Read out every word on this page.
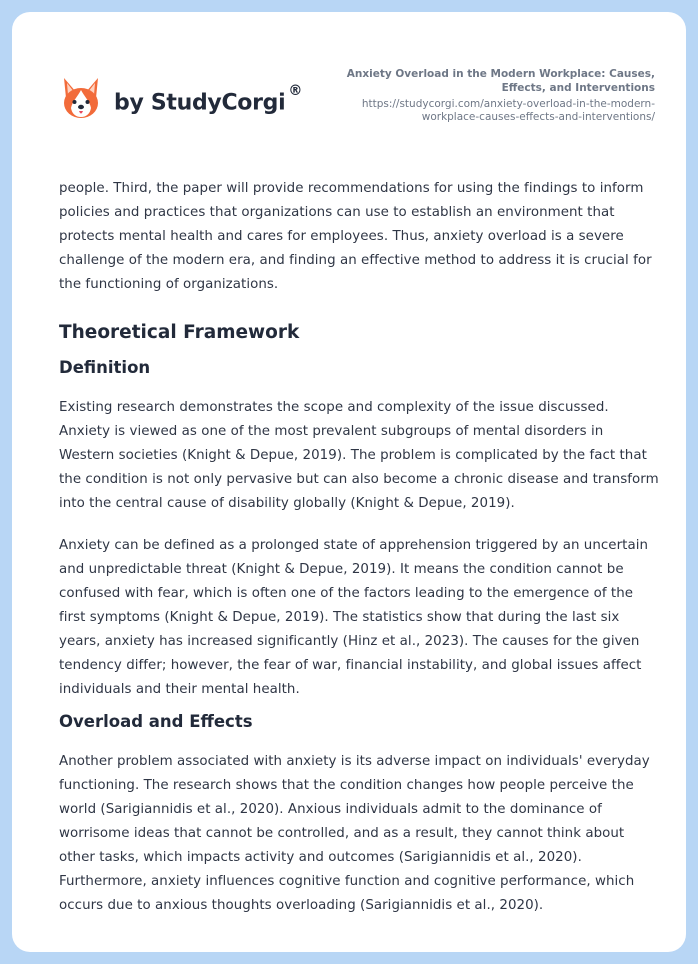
by StudyCorgi ®
Anxiety Overload in the Modern Workplace: Causes, Effects, and Interventions
https://studycorgi.com/anxiety-overload-in-the-modern-workplace-causes-effects-and-interventions/

people. Third, the paper will provide recommendations for using the findings to inform policies and practices that organizations can use to establish an environment that protects mental health and cares for employees. Thus, anxiety overload is a severe challenge of the modern era, and finding an effective method to address it is crucial for the functioning of organizations.

Theoretical Framework
Definition

Existing research demonstrates the scope and complexity of the issue discussed. Anxiety is viewed as one of the most prevalent subgroups of mental disorders in Western societies (Knight & Depue, 2019). The problem is complicated by the fact that the condition is not only pervasive but can also become a chronic disease and transform into the central cause of disability globally (Knight & Depue, 2019).

Anxiety can be defined as a prolonged state of apprehension triggered by an uncertain and unpredictable threat (Knight & Depue, 2019). It means the condition cannot be confused with fear, which is often one of the factors leading to the emergence of the first symptoms (Knight & Depue, 2019). The statistics show that during the last six years, anxiety has increased significantly (Hinz et al., 2023). The causes for the given tendency differ; however, the fear of war, financial instability, and global issues affect individuals and their mental health.

Overload and Effects

Another problem associated with anxiety is its adverse impact on individuals' everyday functioning. The research shows that the condition changes how people perceive the world (Sarigiannidis et al., 2020). Anxious individuals admit to the dominance of worrisome ideas that cannot be controlled, and as a result, they cannot think about other tasks, which impacts activity and outcomes (Sarigiannidis et al., 2020). Furthermore, anxiety influences cognitive function and cognitive performance, which occurs due to anxious thoughts overloading (Sarigiannidis et al., 2020).
